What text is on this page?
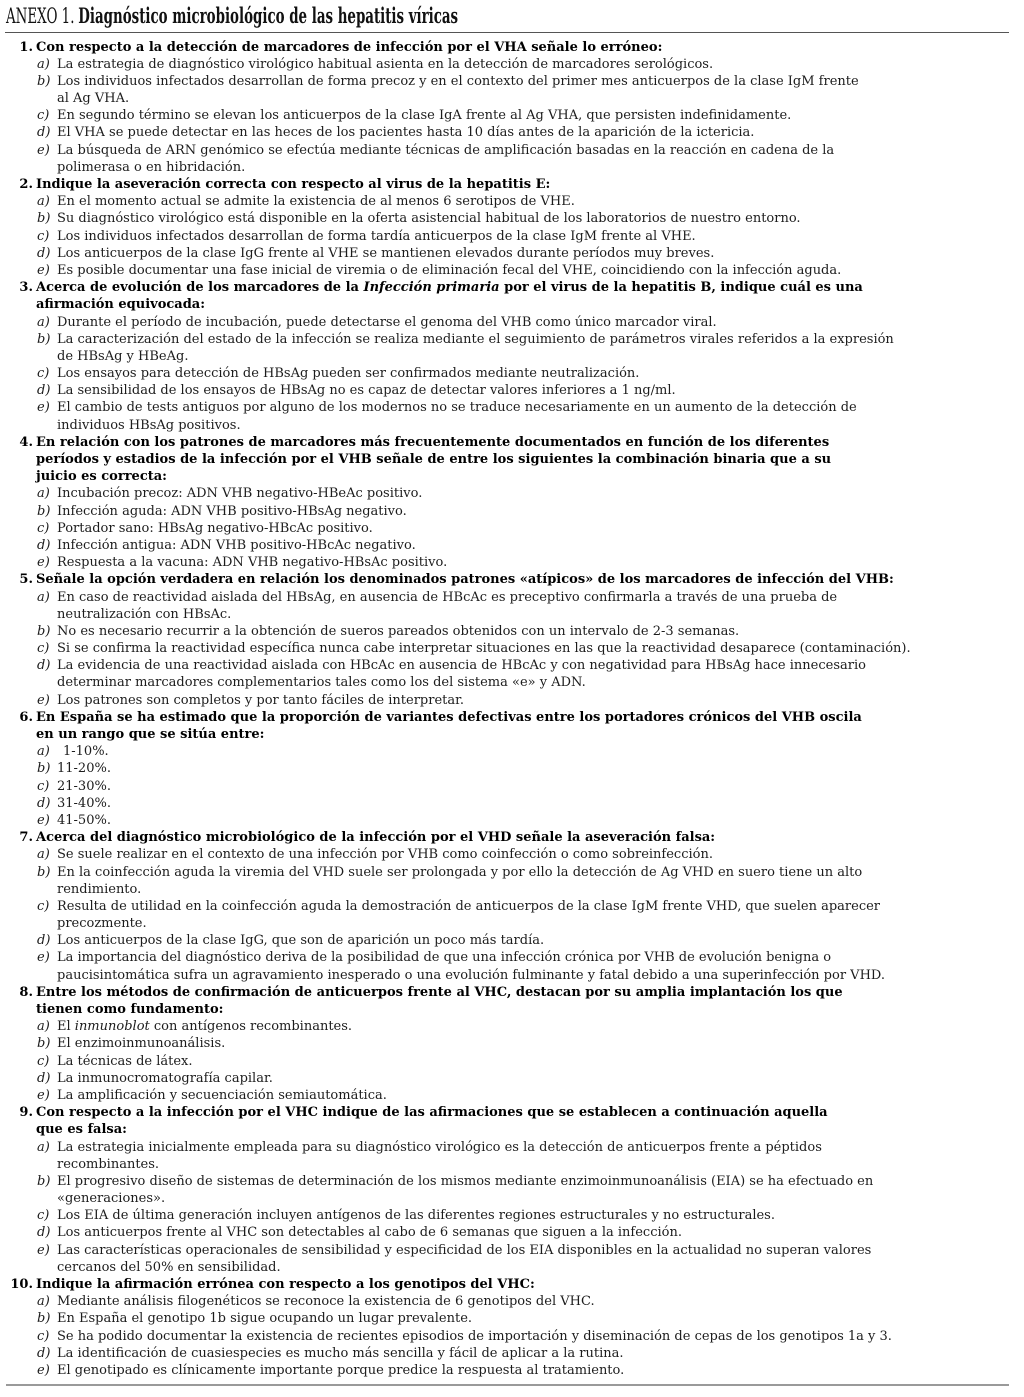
ANEXO 1. Diagnóstico microbiológico de las hepatitis víricas
1. Con respecto a la detección de marcadores de infección por el VHA señale lo erróneo:
a) La estrategia de diagnóstico virológico habitual asienta en la detección de marcadores serológicos.
b) Los individuos infectados desarrollan de forma precoz y en el contexto del primer mes anticuerpos de la clase IgM frente
al Ag VHA.
c) En segundo término se elevan los anticuerpos de la clase IgA frente al Ag VHA, que persisten indefinidamente.
d) El VHA se puede detectar en las heces de los pacientes hasta 10 días antes de la aparición de la ictericia.
e) La búsqueda de ARN genómico se efectúa mediante técnicas de amplificación basadas en la reacción en cadena de la
polimerasa o en hibridación.
2. Indique la aseveración correcta con respecto al virus de la hepatitis E:
a) En el momento actual se admite la existencia de al menos 6 serotipos de VHE.
b) Su diagnóstico virológico está disponible en la oferta asistencial habitual de los laboratorios de nuestro entorno.
c) Los individuos infectados desarrollan de forma tardía anticuerpos de la clase IgM frente al VHE.
d) Los anticuerpos de la clase IgG frente al VHE se mantienen elevados durante períodos muy breves.
e) Es posible documentar una fase inicial de viremia o de eliminación fecal del VHE, coincidiendo con la infección aguda.
3. Acerca de evolución de los marcadores de la Infección primaria por el virus de la hepatitis B, indique cuál es una
afirmación equivocada:
a) Durante el período de incubación, puede detectarse el genoma del VHB como único marcador viral.
b) La caracterización del estado de la infección se realiza mediante el seguimiento de parámetros virales referidos a la expresión
de HBsAg y HBeAg.
c) Los ensayos para detección de HBsAg pueden ser confirmados mediante neutralización.
d) La sensibilidad de los ensayos de HBsAg no es capaz de detectar valores inferiores a 1 ng/ml.
e) El cambio de tests antiguos por alguno de los modernos no se traduce necesariamente en un aumento de la detección de
individuos HBsAg positivos.
4. En relación con los patrones de marcadores más frecuentemente documentados en función de los diferentes
períodos y estadios de la infección por el VHB señale de entre los siguientes la combinación binaria que a su
juicio es correcta:
a) Incubación precoz: ADN VHB negativo-HBeAc positivo.
b) Infección aguda: ADN VHB positivo-HBsAg negativo.
c) Portador sano: HBsAg negativo-HBcAc positivo.
d) Infección antigua: ADN VHB positivo-HBcAc negativo.
e) Respuesta a la vacuna: ADN VHB negativo-HBsAc positivo.
5. Señale la opción verdadera en relación los denominados patrones «atípicos» de los marcadores de infección del VHB:
a) En caso de reactividad aislada del HBsAg, en ausencia de HBcAc es preceptivo confirmarla a través de una prueba de
neutralización con HBsAc.
b) No es necesario recurrir a la obtención de sueros pareados obtenidos con un intervalo de 2-3 semanas.
c) Si se confirma la reactividad específica nunca cabe interpretar situaciones en las que la reactividad desaparece (contaminación).
d) La evidencia de una reactividad aislada con HBcAc en ausencia de HBcAc y con negatividad para HBsAg hace innecesario
determinar marcadores complementarios tales como los del sistema «e» y ADN.
e) Los patrones son completos y por tanto fáciles de interpretar.
6. En España se ha estimado que la proporción de variantes defectivas entre los portadores crónicos del VHB oscila
en un rango que se sitúa entre:
a) 1-10%.
b) 11-20%.
c) 21-30%.
d) 31-40%.
e) 41-50%.
7. Acerca del diagnóstico microbiológico de la infección por el VHD señale la aseveración falsa:
a) Se suele realizar en el contexto de una infección por VHB como coinfección o como sobreinfección.
b) En la coinfección aguda la viremia del VHD suele ser prolongada y por ello la detección de Ag VHD en suero tiene un alto
rendimiento.
c) Resulta de utilidad en la coinfección aguda la demostración de anticuerpos de la clase IgM frente VHD, que suelen aparecer
precozmente.
d) Los anticuerpos de la clase IgG, que son de aparición un poco más tardía.
e) La importancia del diagnóstico deriva de la posibilidad de que una infección crónica por VHB de evolución benigna o
paucisintomática sufra un agravamiento inesperado o una evolución fulminante y fatal debido a una superinfección por VHD.
8. Entre los métodos de confirmación de anticuerpos frente al VHC, destacan por su amplia implantación los que
tienen como fundamento:
a) El inmunoblot con antígenos recombinantes.
b) El enzimoinmunoanálisis.
c) La técnicas de látex.
d) La inmunocromatografía capilar.
e) La amplificación y secuenciación semiautomática.
9. Con respecto a la infección por el VHC indique de las afirmaciones que se establecen a continuación aquella
que es falsa:
a) La estrategia inicialmente empleada para su diagnóstico virológico es la detección de anticuerpos frente a péptidos
recombinantes.
b) El progresivo diseño de sistemas de determinación de los mismos mediante enzimoinmunoanálisis (EIA) se ha efectuado en
«generaciones».
c) Los EIA de última generación incluyen antígenos de las diferentes regiones estructurales y no estructurales.
d) Los anticuerpos frente al VHC son detectables al cabo de 6 semanas que siguen a la infección.
e) Las características operacionales de sensibilidad y especificidad de los EIA disponibles en la actualidad no superan valores
cercanos del 50% en sensibilidad.
10. Indique la afirmación errónea con respecto a los genotipos del VHC:
a) Mediante análisis filogenéticos se reconoce la existencia de 6 genotipos del VHC.
b) En España el genotipo 1b sigue ocupando un lugar prevalente.
c) Se ha podido documentar la existencia de recientes episodios de importación y diseminación de cepas de los genotipos 1a y 3.
d) La identificación de cuasiespecies es mucho más sencilla y fácil de aplicar a la rutina.
e) El genotipado es clínicamente importante porque predice la respuesta al tratamiento.
